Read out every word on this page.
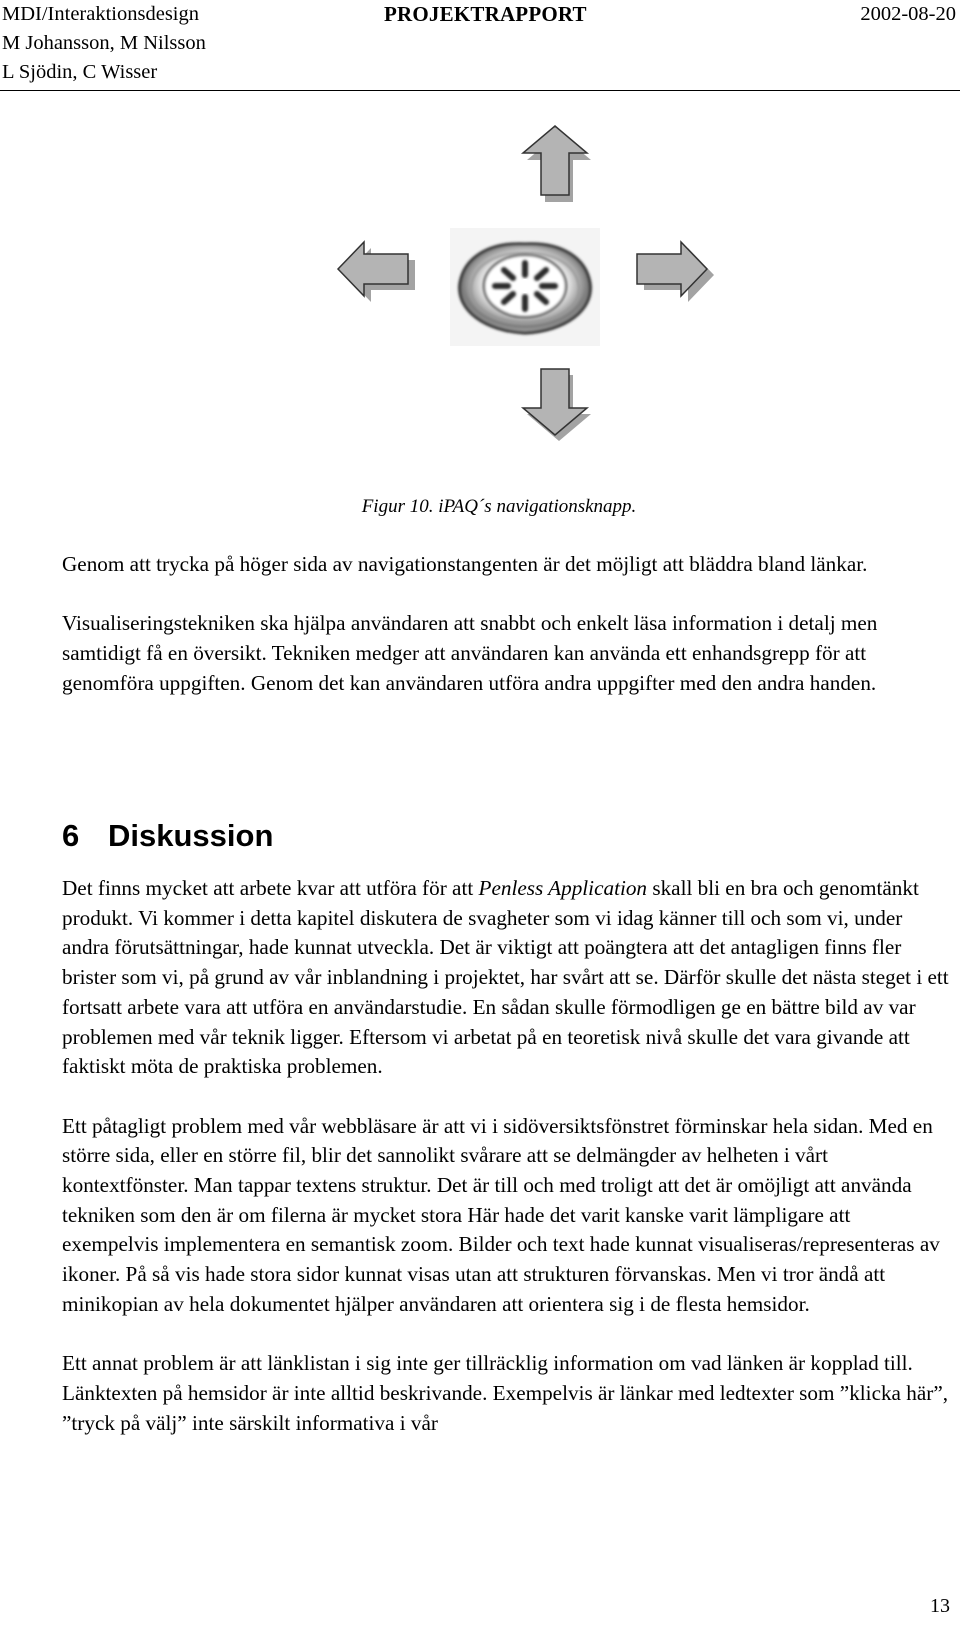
MDI/Interaktionsdesign
M Johansson, M Nilsson
L Sjödin, C Wisser
PROJEKTRAPPORT	2002-08-20
Figur 10. iPAQ´s navigationsknapp.

Genom att trycka på höger sida av navigationstangenten är det möjligt att bläddra bland länkar.

Visualiseringstekniken ska hjälpa användaren att snabbt och enkelt läsa information i detalj men samtidigt få en översikt. Tekniken medger att användaren kan använda ett enhandsgrepp för att genomföra uppgiften. Genom det kan användaren utföra andra uppgifter med den andra handen.

6 Diskussion

Det finns mycket att arbete kvar att utföra för att Penless Application skall bli en bra och genomtänkt produkt. Vi kommer i detta kapitel diskutera de svagheter som vi idag känner till och som vi, under andra förutsättningar, hade kunnat utveckla. Det är viktigt att poängtera att det antagligen finns fler brister som vi, på grund av vår inblandning i projektet, har svårt att se. Därför skulle det nästa steget i ett fortsatt arbete vara att utföra en användarstudie. En sådan skulle förmodligen ge en bättre bild av var problemen med vår teknik ligger. Eftersom vi arbetat på en teoretisk nivå skulle det vara givande att faktiskt möta de praktiska problemen.

Ett påtagligt problem med vår webbläsare är att vi i sidöversiktsfönstret förminskar hela sidan. Med en större sida, eller en större fil, blir det sannolikt svårare att se delmängder av helheten i vårt kontextfönster. Man tappar textens struktur. Det är till och med troligt att det är omöjligt att använda tekniken som den är om filerna är mycket stora Här hade det varit kanske varit lämpligare att exempelvis implementera en semantisk zoom. Bilder och text hade kunnat visualiseras/representeras av ikoner. På så vis hade stora sidor kunnat visas utan att strukturen förvanskas. Men vi tror ändå att minikopian av hela dokumentet hjälper användaren att orientera sig i de flesta hemsidor.

Ett annat problem är att länklistan i sig inte ger tillräcklig information om vad länken är kopplad till. Länktexten på hemsidor är inte alltid beskrivande. Exempelvis är länkar med ledtexter som ”klicka här”, ”tryck på välj” inte särskilt informativa i vår

13
